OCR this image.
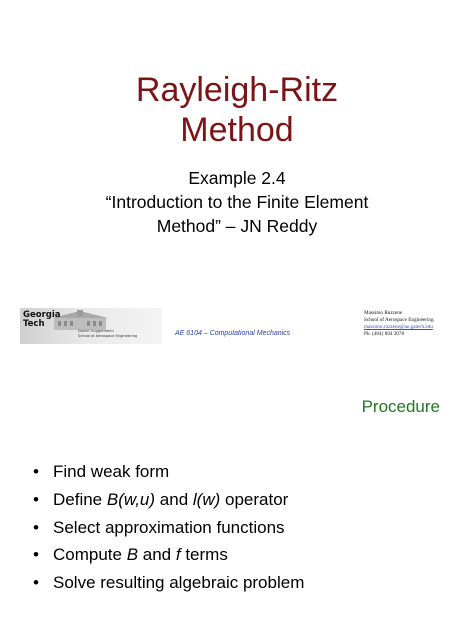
Rayleigh-Ritz
Method
Example 2.4
“Introduction to the Finite Element
Method” – JN Reddy
Georgia
Tech
Daniel Guggenheim
School of Aerospace Engineering	AE 6104 – Computational Mechanics
Massimo Ruzzene
School of Aerospace Engineering
massimo.ruzzene@ae.gatech.edu
Ph. (404) 894 3078
Procedure
• Find weak form
• Define B(w,u) and l(w) operator
• Select approximation functions
• Compute B and f terms
• Solve resulting algebraic problem
